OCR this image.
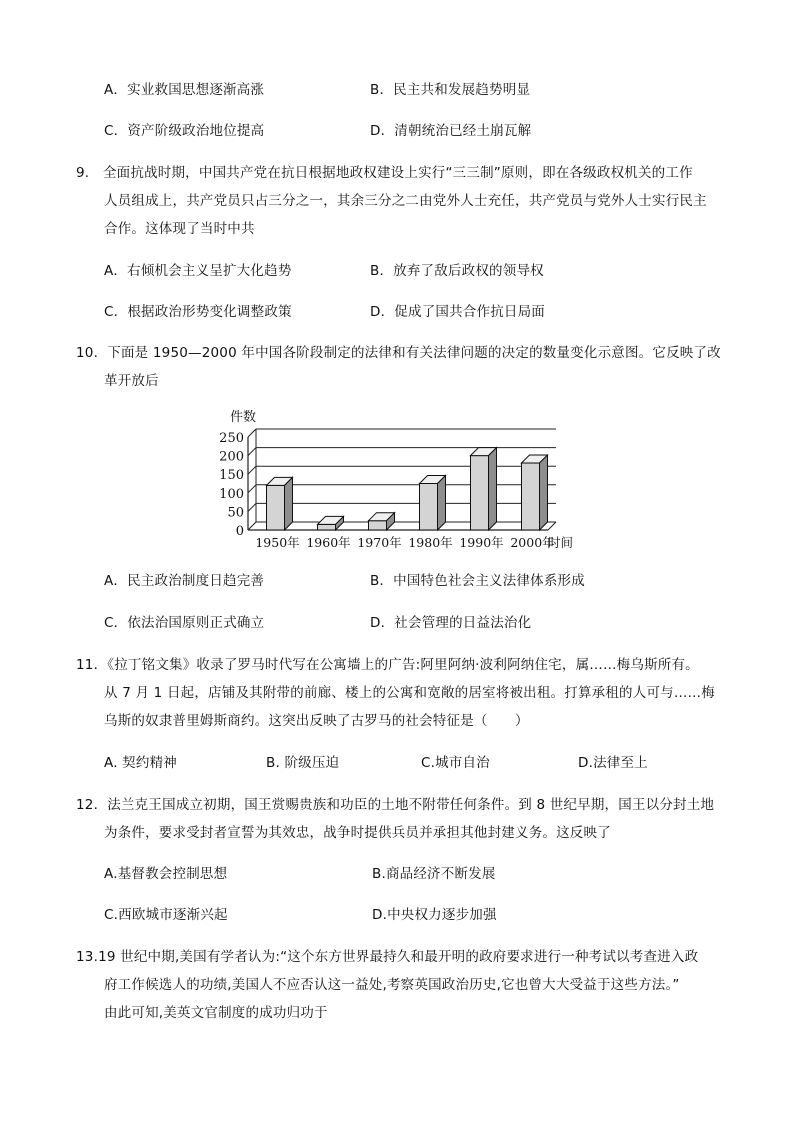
A．实业救国思想逐渐高涨	B．民主共和发展趋势明显
C．资产阶级政治地位提高	D．清朝统治已经土崩瓦解
9.　全面抗战时期，中国共产党在抗日根据地政权建设上实行“三三制”原则，即在各级政权机关的工作
人员组成上，共产党员只占三分之一，其余三分之二由党外人士充任，共产党员与党外人士实行民主
合作。这体现了当时中共
A．右倾机会主义呈扩大化趋势	B．放弃了敌后政权的领导权
C．根据政治形势变化调整政策	D．促成了国共合作抗日局面
10．下面是 1950—2000 年中国各阶段制定的法律和有关法律问题的决定的数量变化示意图。它反映了改
革开放后
0
50
100
150
200
250
件数
1950年 1960年 1970年 1980年 1990年 2000年
时间
A．民主政治制度日趋完善	B．中国特色社会主义法律体系形成
C．依法治国原则正式确立	D．社会管理的日益法治化
11．《拉丁铭文集》收录了罗马时代写在公寓墙上的广告:阿里阿纳·波利阿纳住宅，属……梅乌斯所有。
从 7 月 1 日起，店铺及其附带的前廊、楼上的公寓和宽敞的居室将被出租。打算承租的人可与……梅
乌斯的奴隶普里姆斯商约。这突出反映了古罗马的社会特征是（　　）
A. 契约精神	B. 阶级压迫	C.城市自治	D.法律至上
12．法兰克王国成立初期，国王赏赐贵族和功臣的土地不附带任何条件。到 8 世纪早期，国王以分封土地
为条件，要求受封者宣誓为其效忠，战争时提供兵员并承担其他封建义务。这反映了
A.基督教会控制思想	B.商品经济不断发展
C.西欧城市逐渐兴起	D.中央权力逐步加强
13.19 世纪中期,美国有学者认为:“这个东方世界最持久和最开明的政府要求进行一种考试以考查进入政
府工作候选人的功绩,美国人不应否认这一益处,考察英国政治历史,它也曾大大受益于这些方法。”
由此可知,美英文官制度的成功归功于
